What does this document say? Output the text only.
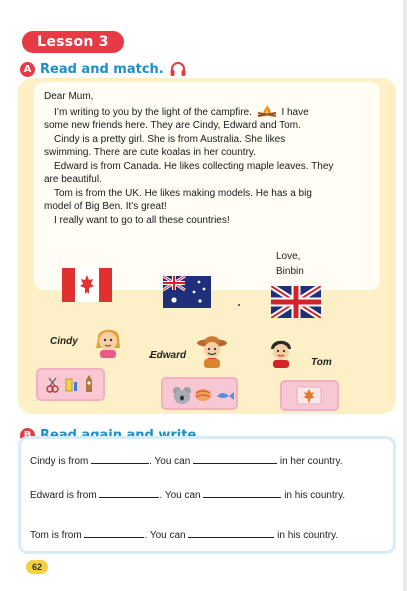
Lesson 3
A Read and match.

Dear Mum,

I’m writing to you by the light of the campfire.	I have

some new friends here. They are Cindy, Edward and Tom.

Cindy is a pretty girl. She is from Australia. She likes

swimming. There are cute koalas in her country.

Edward is from Canada. He likes collecting maple leaves. They

are beautiful.

Tom is from the UK. He likes making models. He has a big

model of Big Ben. It’s great!

I really want to go to all these countries!

Love,
Binbin
Cindy
Edward
Tom
Cindy is from	. You can	in her country.
Edward is from	. You can	in his country.
Tom is from	. You can	in his country.
62
